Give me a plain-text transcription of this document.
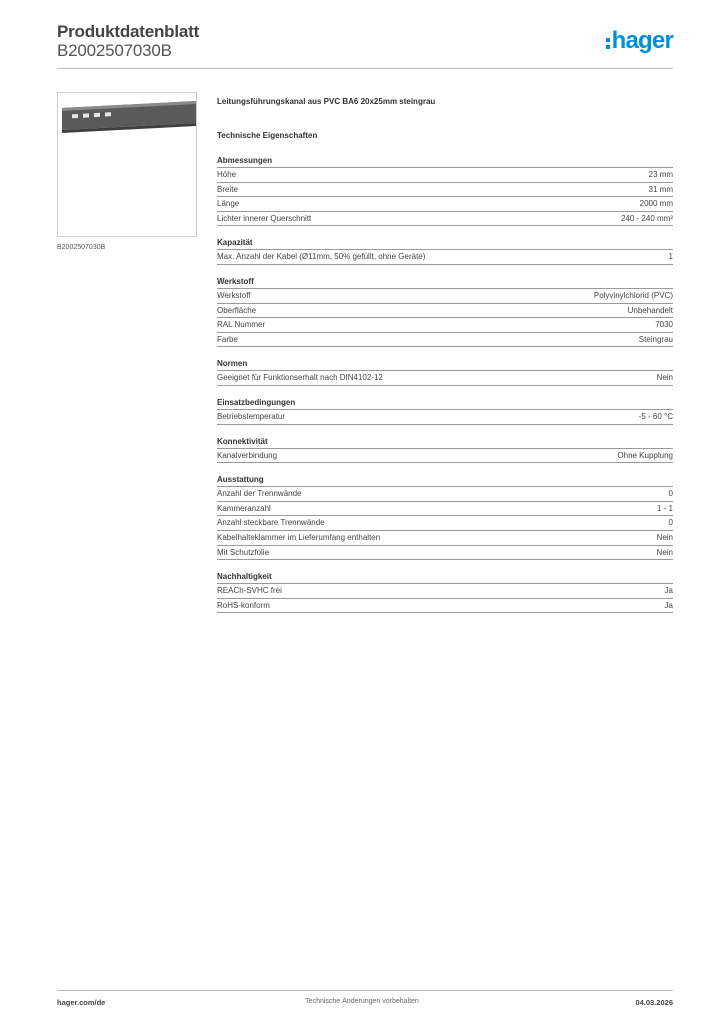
Produktdatenblatt
B2002507030B	hager
B2002507030B
Leitungsführungskanal aus PVC BA6 20x25mm steingrau
Technische Eigenschaften
Abmessungen
Höhe	23 mm
Breite	31 mm
Länge	2000 mm
Lichter innerer Querschnitt	240 - 240 mm²
Kapazität
Max. Anzahl der Kabel (Ø11mm, 50% gefüllt, ohne Geräte)	1
Werkstoff
Werkstoff	Polyvinylchlorid (PVC)
Oberfläche	Unbehandelt
RAL Nummer	7030
Farbe	Steingrau
Normen
Geeignet für Funktionserhalt nach DIN4102-12	Nein
Einsatzbedingungen
Betriebstemperatur	-5 - 60 °C
Konnektivität
Kanalverbindung	Ohne Kupplung
Ausstattung
Anzahl der Trennwände	0
Kammeranzahl	1 - 1
Anzahl steckbare Trennwände	0
Kabelhalteklammer im Lieferumfang enthalten	Nein
Mit Schutzfolie	Nein
Nachhaltigkeit
REACh-SVHC frei	Ja
RoHS-konform	Ja
hager.com/de	Technische Änderungen vorbehalten	04.03.2026
